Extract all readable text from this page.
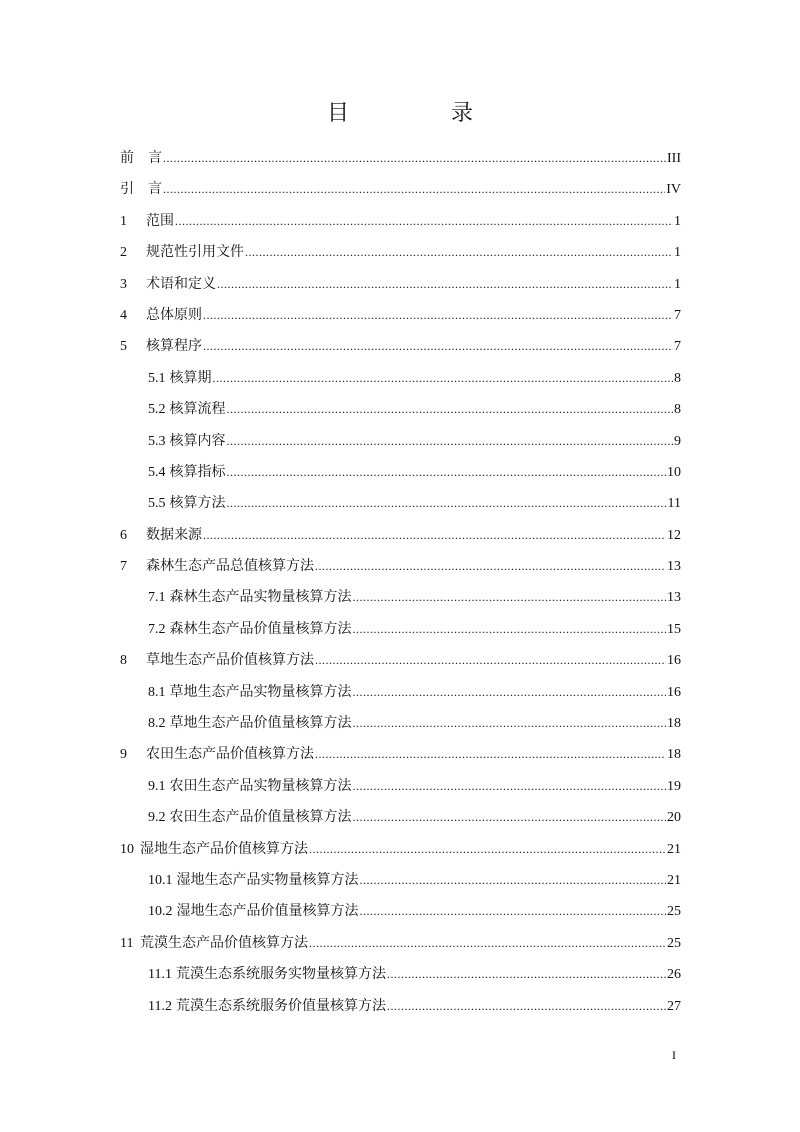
目　录
前　言 .....	III
引　言 .....	IV
1	范围 .....	1
2	规范性引用文件 .....	1
3	术语和定义 .....	1
4	总体原则 .....	7
5	核算程序 .....	7
5.1 核算期 .....	8
5.2 核算流程 .....	8
5.3 核算内容 .....	9
5.4 核算指标 .....	10
5.5 核算方法 .....	11
6	数据来源 .....	12
7	森林生态产品总值核算方法 .....	13
7.1 森林生态产品实物量核算方法 .....	13
7.2 森林生态产品价值量核算方法 .....	15
8	草地生态产品价值核算方法 .....	16
8.1 草地生态产品实物量核算方法 .....	16
8.2 草地生态产品价值量核算方法 .....	18
9	农田生态产品价值核算方法 .....	18
9.1 农田生态产品实物量核算方法 .....	19
9.2 农田生态产品价值量核算方法 .....	20
10 湿地生态产品价值核算方法 .....	21
10.1 湿地生态产品实物量核算方法 .....	21
10.2 湿地生态产品价值量核算方法 .....	25
11 荒漠生态产品价值核算方法 .....	25
11.1 荒漠生态系统服务实物量核算方法 .....	26
11.2 荒漠生态系统服务价值量核算方法 .....	27
I
